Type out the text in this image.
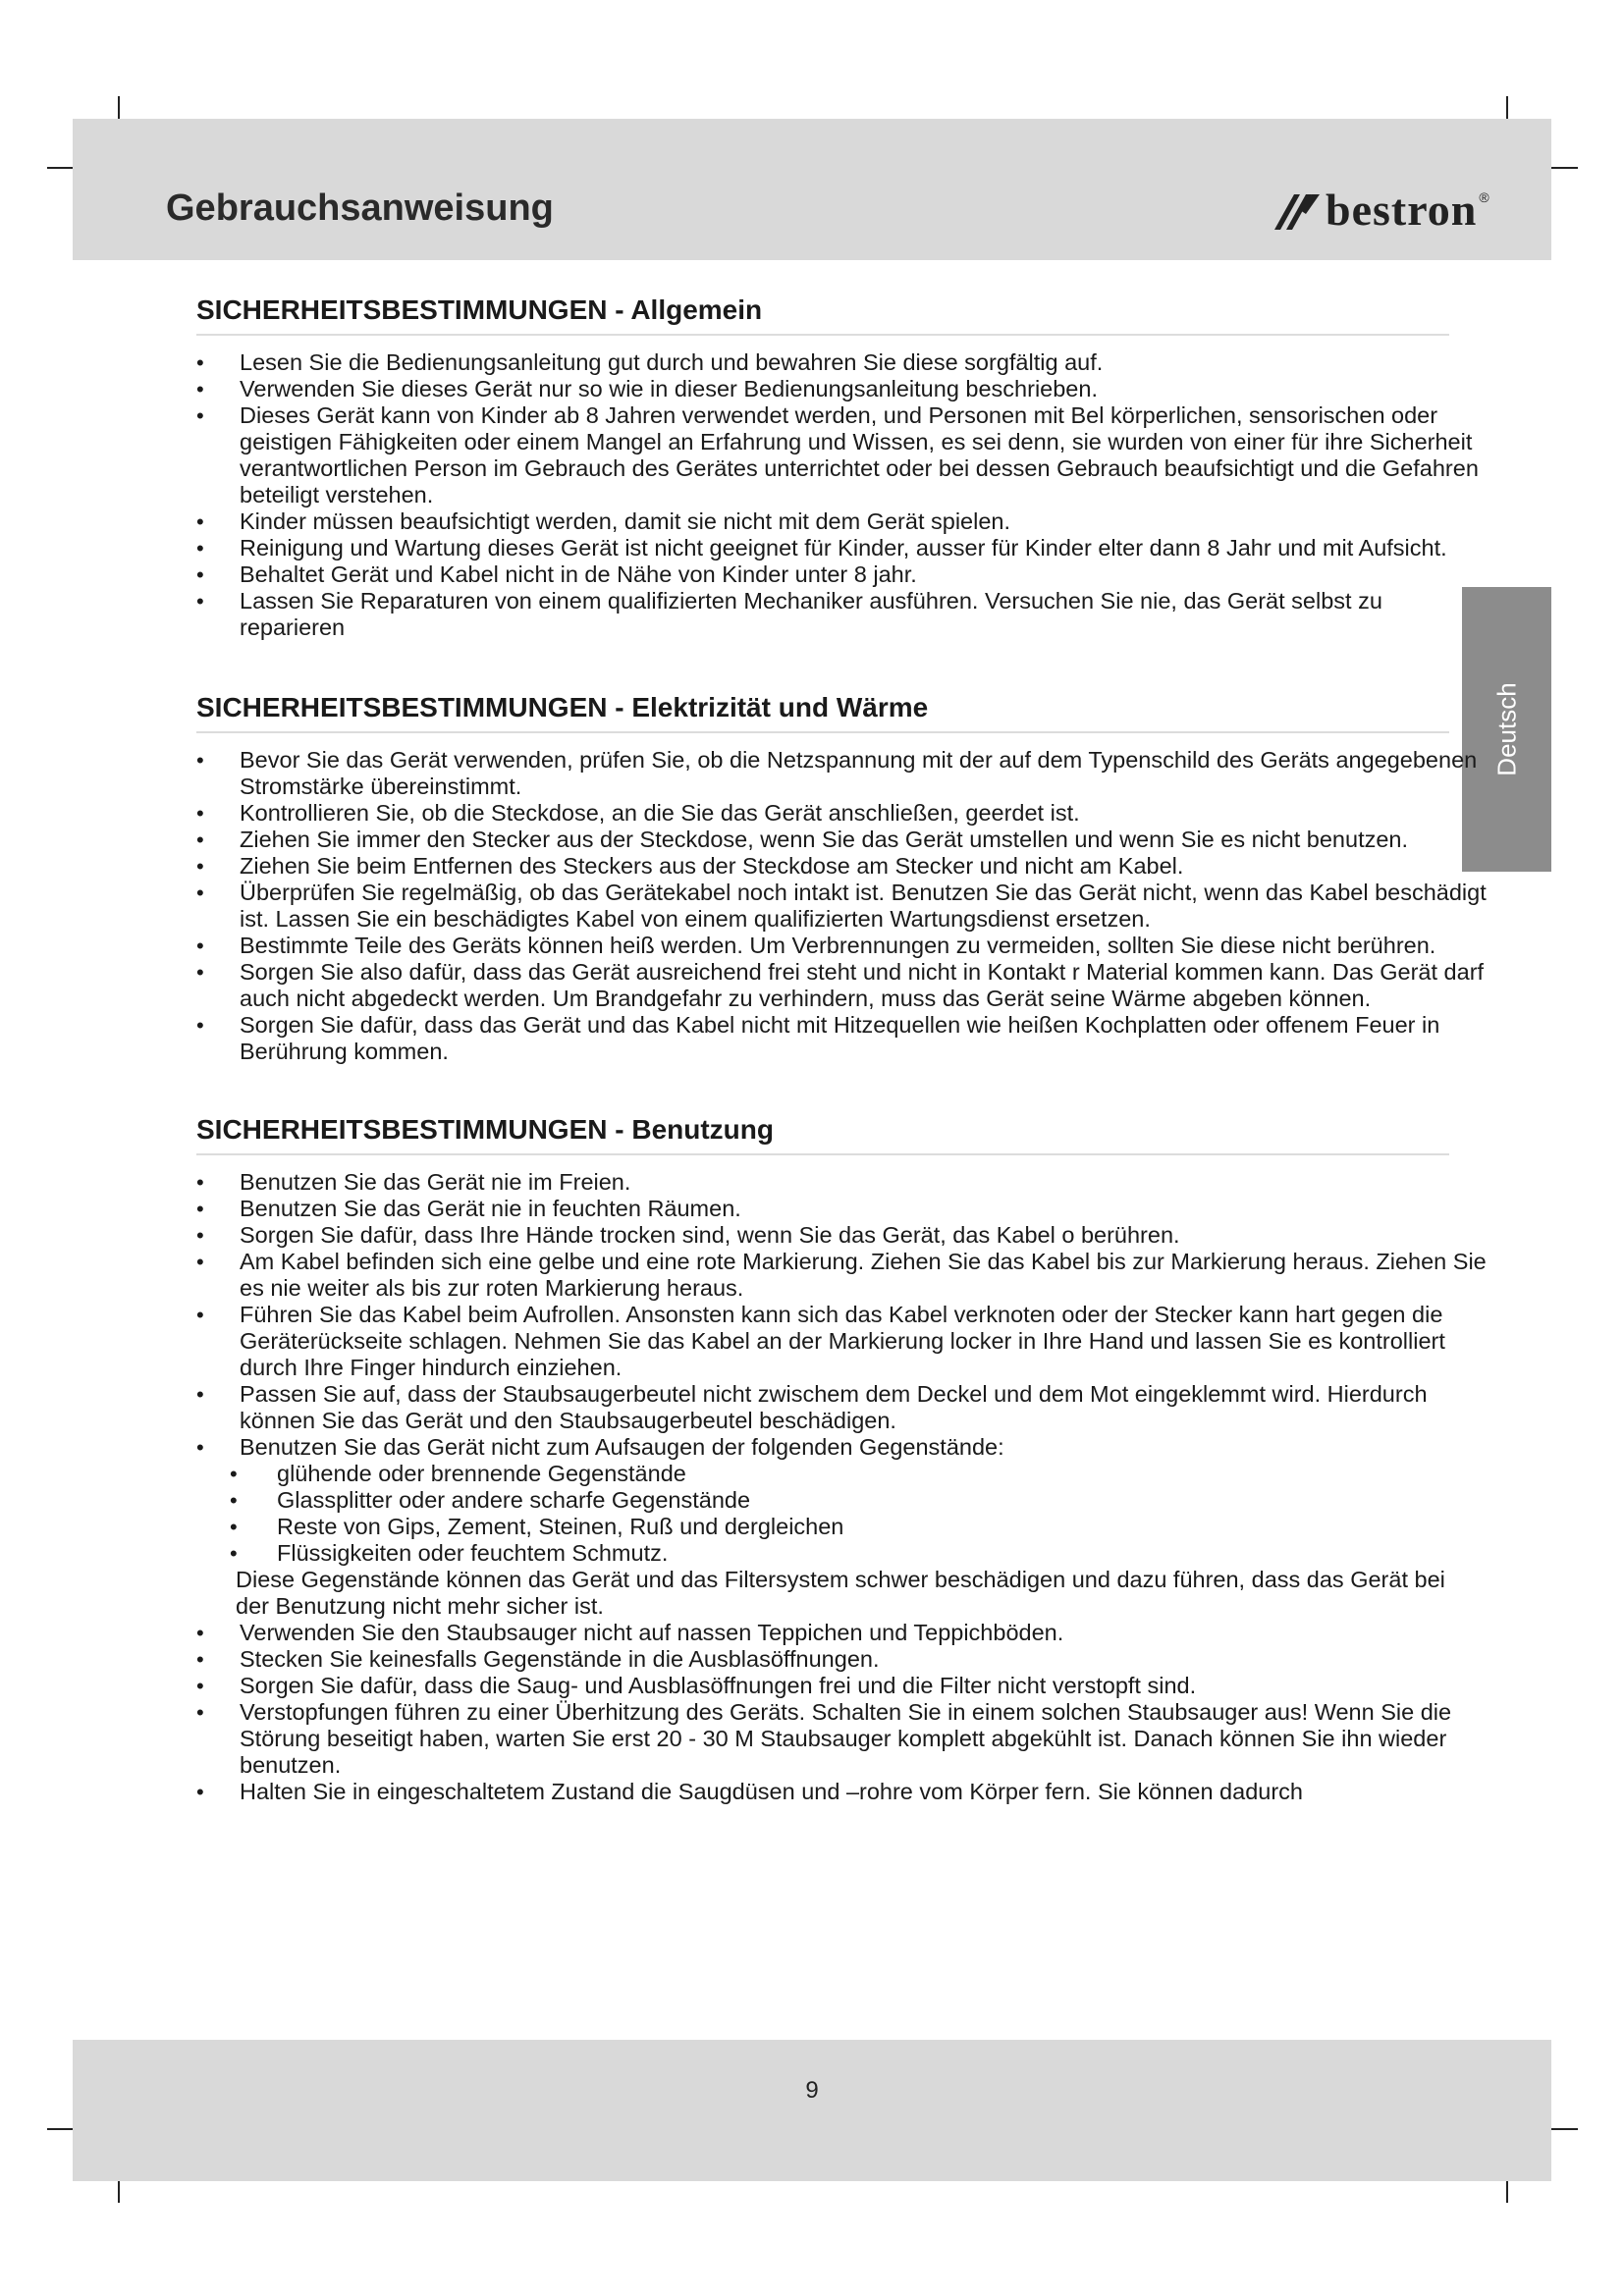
Gebrauchsanweisung	bestron ®
Deutsch
SICHERHEITSBESTIMMUNGEN - Allgemein
• Lesen Sie die Bedienungsanleitung gut durch und bewahren Sie diese sorgfältig auf.
• Verwenden Sie dieses Gerät nur so wie in dieser Bedienungsanleitung beschrieben.
• Dieses Gerät kann von Kinder ab 8 Jahren verwendet werden, und Personen mit Bel körperlichen, sensorischen oder geistigen Fähigkeiten oder einem Mangel an Erfahrung und Wissen, es sei denn, sie wurden von einer für ihre Sicherheit verantwortlichen Person im Gebrauch des Gerätes unterrichtet oder bei dessen Gebrauch beaufsichtigt und die Gefahren beteiligt verstehen.
• Kinder müssen beaufsichtigt werden, damit sie nicht mit dem Gerät spielen.
• Reinigung und Wartung dieses Gerät ist nicht geeignet für Kinder, ausser für Kinder elter dann 8 Jahr und mit Aufsicht.
• Behaltet Gerät und Kabel nicht in de Nähe von Kinder unter 8 jahr.
• Lassen Sie Reparaturen von einem qualifizierten Mechaniker ausführen. Versuchen Sie nie, das Gerät selbst zu reparieren
SICHERHEITSBESTIMMUNGEN - Elektrizität und Wärme
• Bevor Sie das Gerät verwenden, prüfen Sie, ob die Netzspannung mit der auf dem Typenschild des Geräts angegebenen Stromstärke übereinstimmt.
• Kontrollieren Sie, ob die Steckdose, an die Sie das Gerät anschließen, geerdet ist.
• Ziehen Sie immer den Stecker aus der Steckdose, wenn Sie das Gerät umstellen und wenn Sie es nicht benutzen.
• Ziehen Sie beim Entfernen des Steckers aus der Steckdose am Stecker und nicht am Kabel.
• Überprüfen Sie regelmäßig, ob das Gerätekabel noch intakt ist. Benutzen Sie das Gerät nicht, wenn das Kabel beschädigt ist. Lassen Sie ein beschädigtes Kabel von einem qualifizierten Wartungsdienst ersetzen.
• Bestimmte Teile des Geräts können heiß werden. Um Verbrennungen zu vermeiden, sollten Sie diese nicht berühren.
• Sorgen Sie also dafür, dass das Gerät ausreichend frei steht und nicht in Kontakt r Material kommen kann. Das Gerät darf auch nicht abgedeckt werden. Um Brandgefahr zu verhindern, muss das Gerät seine Wärme abgeben können.
• Sorgen Sie dafür, dass das Gerät und das Kabel nicht mit Hitzequellen wie heißen Kochplatten oder offenem Feuer in Berührung kommen.
SICHERHEITSBESTIMMUNGEN - Benutzung
• Benutzen Sie das Gerät nie im Freien.
• Benutzen Sie das Gerät nie in feuchten Räumen.
• Sorgen Sie dafür, dass Ihre Hände trocken sind, wenn Sie das Gerät, das Kabel o berühren.
• Am Kabel befinden sich eine gelbe und eine rote Markierung. Ziehen Sie das Kabel bis zur Markierung heraus. Ziehen Sie es nie weiter als bis zur roten Markierung heraus.
• Führen Sie das Kabel beim Aufrollen. Ansonsten kann sich das Kabel verknoten oder der Stecker kann hart gegen die Geräterückseite schlagen. Nehmen Sie das Kabel an der Markierung locker in Ihre Hand und lassen Sie es kontrolliert durch Ihre Finger hindurch einziehen.
• Passen Sie auf, dass der Staubsaugerbeutel nicht zwischem dem Deckel und dem Mot eingeklemmt wird. Hierdurch können Sie das Gerät und den Staubsaugerbeutel beschädigen.
• Benutzen Sie das Gerät nicht zum Aufsaugen der folgenden Gegenstände:
• glühende oder brennende Gegenstände
• Glassplitter oder andere scharfe Gegenstände
• Reste von Gips, Zement, Steinen, Ruß und dergleichen
• Flüssigkeiten oder feuchtem Schmutz.
Diese Gegenstände können das Gerät und das Filtersystem schwer beschädigen und dazu führen, dass das Gerät bei der Benutzung nicht mehr sicher ist.
• Verwenden Sie den Staubsauger nicht auf nassen Teppichen und Teppichböden.
• Stecken Sie keinesfalls Gegenstände in die Ausblasöffnungen.
• Sorgen Sie dafür, dass die Saug- und Ausblasöffnungen frei und die Filter nicht verstopft sind.
• Verstopfungen führen zu einer Überhitzung des Geräts. Schalten Sie in einem solchen Staubsauger aus! Wenn Sie die Störung beseitigt haben, warten Sie erst 20 - 30 M Staubsauger komplett abgekühlt ist. Danach können Sie ihn wieder benutzen.
• Halten Sie in eingeschaltetem Zustand die Saugdüsen und –rohre vom Körper fern. Sie können dadurch
9
